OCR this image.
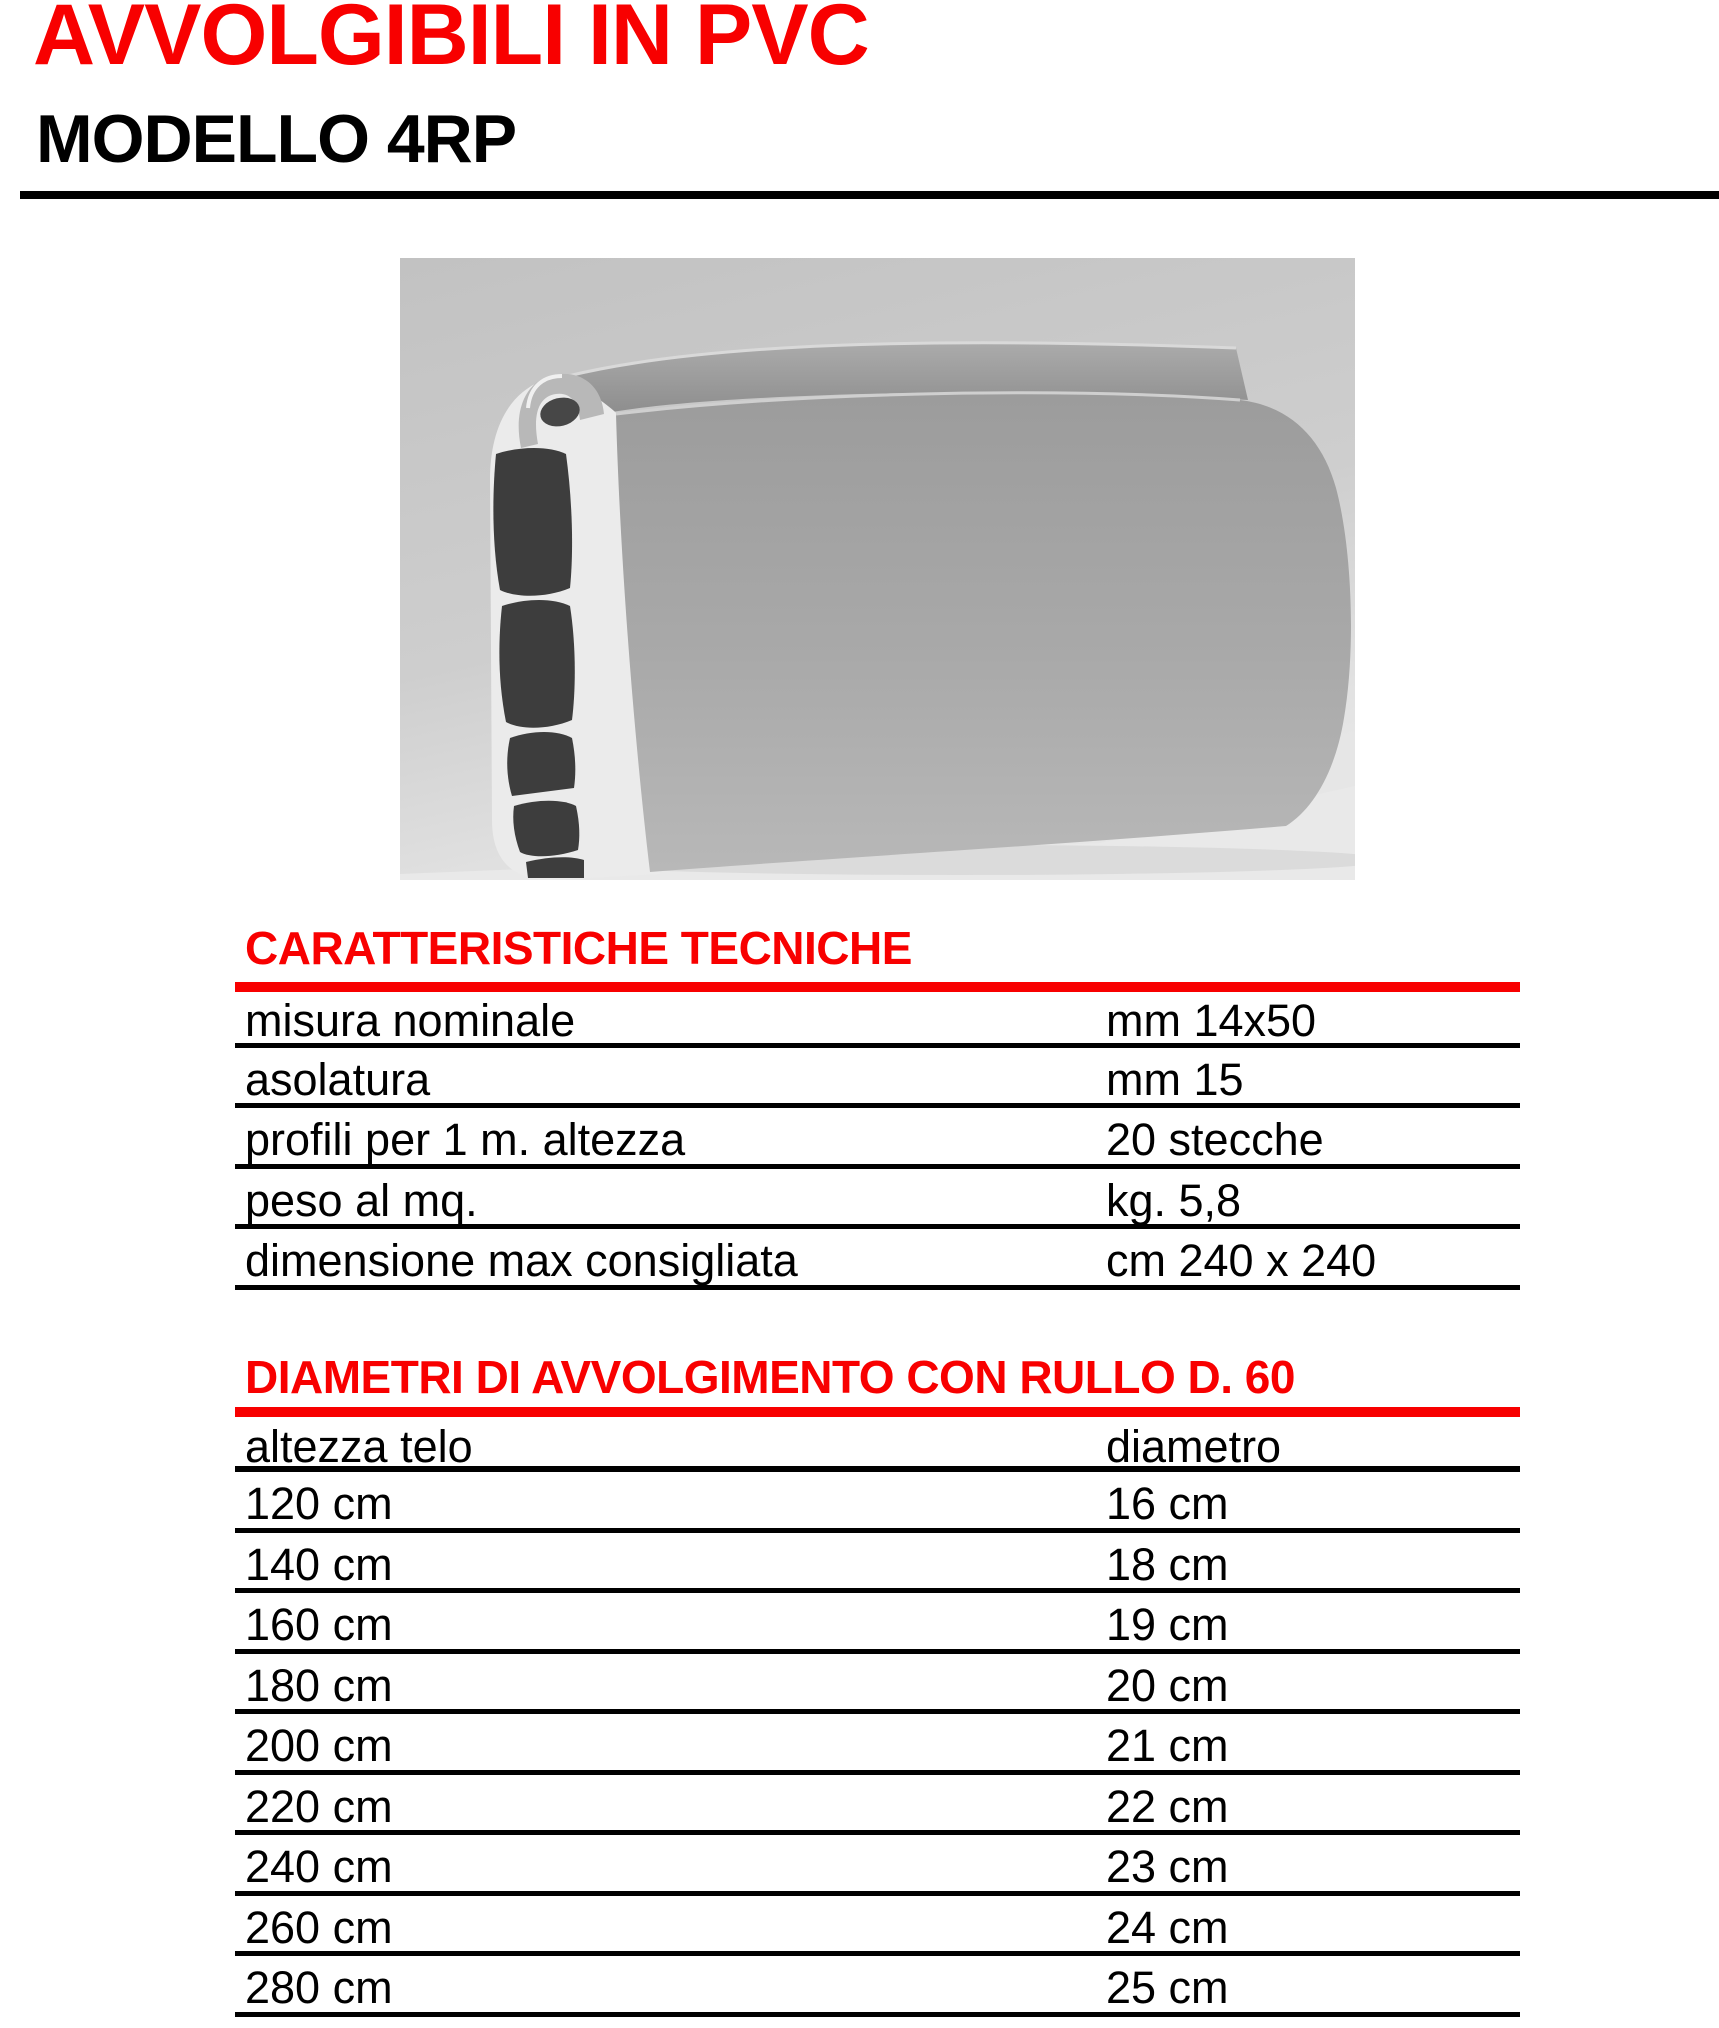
AVVOLGIBILI IN PVC
MODELLO 4RP
CARATTERISTICHE TECNICHE
misura nominale	mm 14x50
asolatura	mm 15
profili per 1 m. altezza	20 stecche
peso al mq.	kg. 5,8
dimensione max consigliata	cm 240 x 240
DIAMETRI DI AVVOLGIMENTO CON RULLO D. 60
altezza telo	diametro
120 cm	16 cm
140 cm	18 cm
160 cm	19 cm
180 cm	20 cm
200 cm	21 cm
220 cm	22 cm
240 cm	23 cm
260 cm	24 cm
280 cm	25 cm
